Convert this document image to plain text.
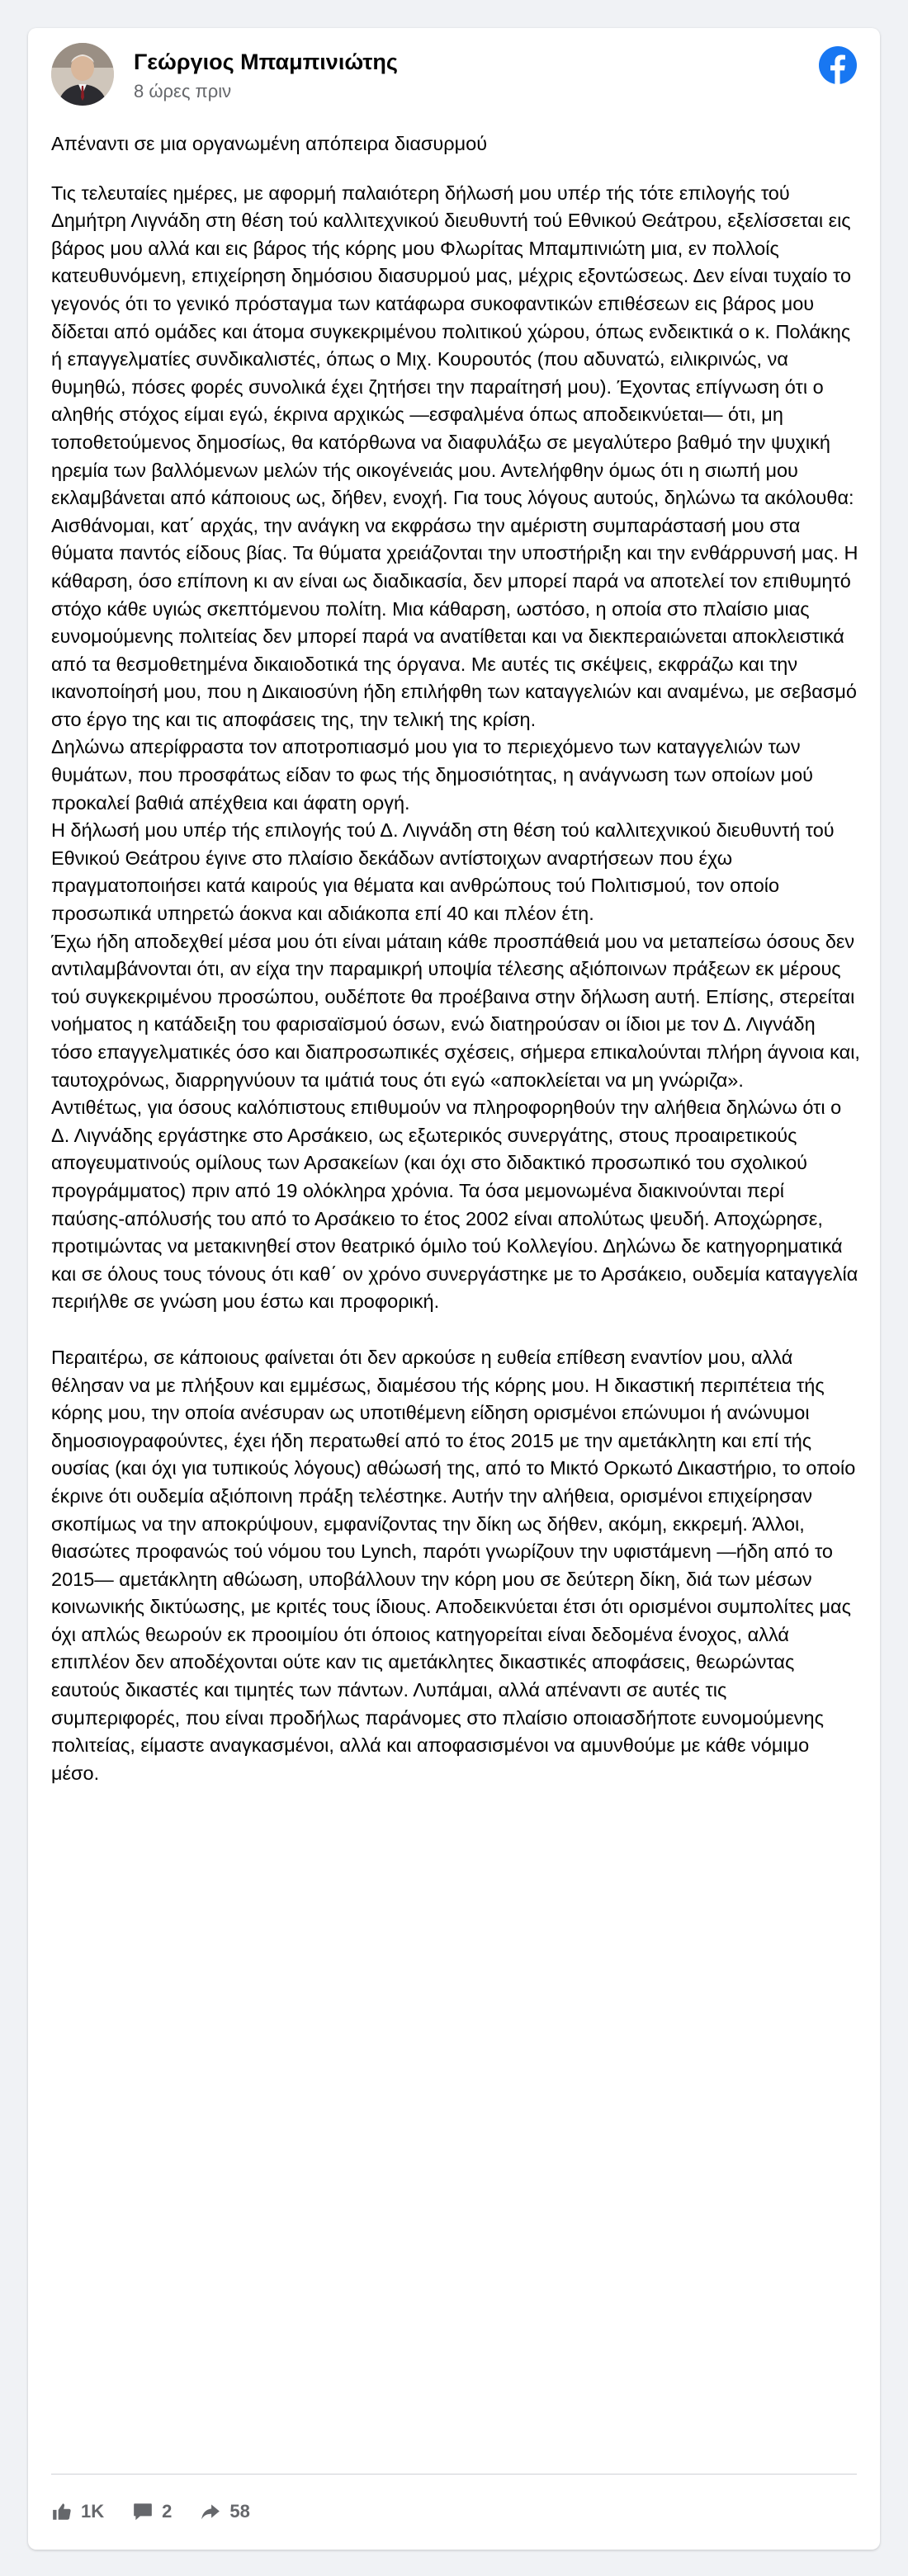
Γεώργιος Μπαμπινιώτης
8 ώρες πριν

Απέναντι σε μια οργανωμένη απόπειρα διασυρμού

Τις τελευταίες ημέρες, με αφορμή παλαιότερη δήλωσή μου υπέρ τής τότε επιλογής τού Δημήτρη Λιγνάδη στη θέση τού καλλιτεχνικού διευθυντή τού Εθνικού Θεάτρου, εξελίσσεται εις βάρος μου αλλά και εις βάρος τής κόρης μου Φλωρίτας Μπαμπινιώτη μια, εν πολλοίς κατευθυνόμενη, επιχείρηση δημόσιου διασυρμού μας, μέχρις εξοντώσεως. Δεν είναι τυχαίο το γεγονός ότι το γενικό πρόσταγμα των κατάφωρα συκοφαντικών επιθέσεων εις βάρος μου δίδεται από ομάδες και άτομα συγκεκριμένου πολιτικού χώρου, όπως ενδεικτικά ο κ. Πολάκης ή επαγγελματίες συνδικαλιστές, όπως ο Μιχ. Κουρουτός (που αδυνατώ, ειλικρινώς, να θυμηθώ, πόσες φορές συνολικά έχει ζητήσει την παραίτησή μου). Έχοντας επίγνωση ότι ο αληθής στόχος είμαι εγώ, έκρινα αρχικώς —εσφαλμένα όπως αποδεικνύεται— ότι, μη τοποθετούμενος δημοσίως, θα κατόρθωνα να διαφυλάξω σε μεγαλύτερο βαθμό την ψυχική ηρεμία των βαλλόμενων μελών τής οικογένειάς μου. Αντελήφθην όμως ότι η σιωπή μου εκλαμβάνεται από κάποιους ως, δήθεν, ενοχή. Για τους λόγους αυτούς, δηλώνω τα ακόλουθα:

Αισθάνομαι, κατ΄ αρχάς, την ανάγκη να εκφράσω την αμέριστη συμπαράστασή μου στα θύματα παντός είδους βίας. Τα θύματα χρειάζονται την υποστήριξη και την ενθάρρυνσή μας. Η κάθαρση, όσο επίπονη κι αν είναι ως διαδικασία, δεν μπορεί παρά να αποτελεί τον επιθυμητό στόχο κάθε υγιώς σκεπτόμενου πολίτη. Μια κάθαρση, ωστόσο, η οποία στο πλαίσιο μιας ευνομούμενης πολιτείας δεν μπορεί παρά να ανατίθεται και να διεκπεραιώνεται αποκλειστικά από τα θεσμοθετημένα δικαιοδοτικά της όργανα. Με αυτές τις σκέψεις, εκφράζω και την ικανοποίησή μου, που η Δικαιοσύνη ήδη επιλήφθη των καταγγελιών και αναμένω, με σεβασμό στο έργο της και τις αποφάσεις της, την τελική της κρίση.

Δηλώνω απερίφραστα τον αποτροπιασμό μου για το περιεχόμενο των καταγγελιών των θυμάτων, που προσφάτως είδαν το φως τής δημοσιότητας, η ανάγνωση των οποίων μού προκαλεί βαθιά απέχθεια και άφατη οργή.

Η δήλωσή μου υπέρ τής επιλογής τού Δ. Λιγνάδη στη θέση τού καλλιτεχνικού διευθυντή τού Εθνικού Θεάτρου έγινε στο πλαίσιο δεκάδων αντίστοιχων αναρτήσεων που έχω πραγματοποιήσει κατά καιρούς για θέματα και ανθρώπους τού Πολιτισμού, τον οποίο προσωπικά υπηρετώ άοκνα και αδιάκοπα επί 40 και πλέον έτη.

Έχω ήδη αποδεχθεί μέσα μου ότι είναι μάταιη κάθε προσπάθειά μου να μεταπείσω όσους δεν αντιλαμβάνονται ότι, αν είχα την παραμικρή υποψία τέλεσης αξιόποινων πράξεων εκ μέρους τού συγκεκριμένου προσώπου, ουδέποτε θα προέβαινα στην δήλωση αυτή. Επίσης, στερείται νοήματος η κατάδειξη του φαρισαϊσμού όσων, ενώ διατηρούσαν οι ίδιοι με τον Δ. Λιγνάδη τόσο επαγγελματικές όσο και διαπροσωπικές σχέσεις, σήμερα επικαλούνται πλήρη άγνοια και, ταυτοχρόνως, διαρρηγνύουν τα ιμάτιά τους ότι εγώ «αποκλείεται να μη γνώριζα».

Αντιθέτως, για όσους καλόπιστους επιθυμούν να πληροφορηθούν την αλήθεια δηλώνω ότι ο Δ. Λιγνάδης εργάστηκε στο Αρσάκειο, ως εξωτερικός συνεργάτης, στους προαιρετικούς απογευματινούς ομίλους των Αρσακείων (και όχι στο διδακτικό προσωπικό του σχολικού προγράμματος) πριν από 19 ολόκληρα χρόνια. Τα όσα μεμονωμένα διακινούνται περί παύσης-απόλυσής του από το Αρσάκειο το έτος 2002 είναι απολύτως ψευδή. Αποχώρησε, προτιμώντας να μετακινηθεί στον θεατρικό όμιλο τού Κολλεγίου. Δηλώνω δε κατηγορηματικά και σε όλους τους τόνους ότι καθ΄ ον χρόνο συνεργάστηκε με το Αρσάκειο, ουδεμία καταγγελία περιήλθε σε γνώση μου έστω και προφορική.

Περαιτέρω, σε κάποιους φαίνεται ότι δεν αρκούσε η ευθεία επίθεση εναντίον μου, αλλά θέλησαν να με πλήξουν και εμμέσως, διαμέσου τής κόρης μου. Η δικαστική περιπέτεια τής κόρης μου, την οποία ανέσυραν ως υποτιθέμενη είδηση ορισμένοι επώνυμοι ή ανώνυμοι δημοσιογραφούντες, έχει ήδη περατωθεί από το έτος 2015 με την αμετάκλητη και επί τής ουσίας (και όχι για τυπικούς λόγους) αθώωσή της, από το Μικτό Ορκωτό Δικαστήριο, το οποίο έκρινε ότι ουδεμία αξιόποινη πράξη τελέστηκε. Αυτήν την αλήθεια, ορισμένοι επιχείρησαν σκοπίμως να την αποκρύψουν, εμφανίζοντας την δίκη ως δήθεν, ακόμη, εκκρεμή. Άλλοι, θιασώτες προφανώς τού νόμου του Lynch, παρότι γνωρίζουν την υφιστάμενη —ήδη από το 2015— αμετάκλητη αθώωση, υποβάλλουν την κόρη μου σε δεύτερη δίκη, διά των μέσων κοινωνικής δικτύωσης, με κριτές τους ίδιους. Αποδεικνύεται έτσι ότι ορισμένοι συμπολίτες μας όχι απλώς θεωρούν εκ προοιμίου ότι όποιος κατηγορείται είναι δεδομένα ένοχος, αλλά επιπλέον δεν αποδέχονται ούτε καν τις αμετάκλητες δικαστικές αποφάσεις, θεωρώντας εαυτούς δικαστές και τιμητές των πάντων. Λυπάμαι, αλλά απέναντι σε αυτές τις συμπεριφορές, που είναι προδήλως παράνομες στο πλαίσιο οποιασδήποτε ευνομούμενης πολιτείας, είμαστε αναγκασμένοι, αλλά και αποφασισμένοι να αμυνθούμε με κάθε νόμιμο μέσο.

1K	2	58
